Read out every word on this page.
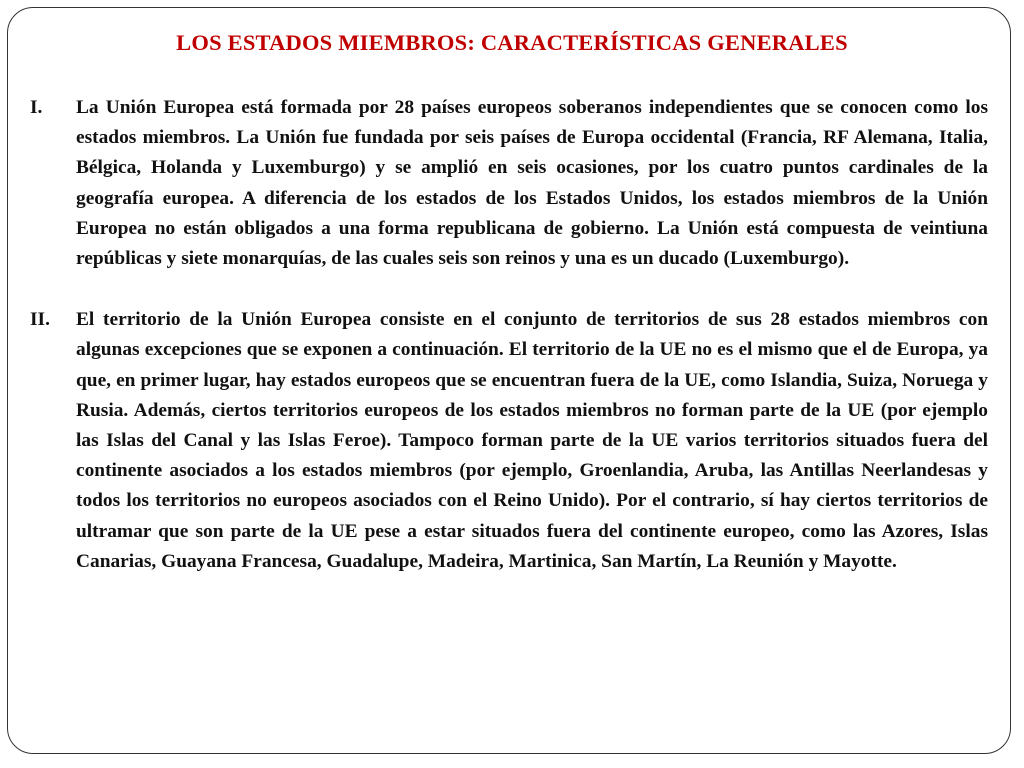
LOS ESTADOS MIEMBROS: CARACTERÍSTICAS GENERALES
I. La Unión Europea está formada por 28 países europeos soberanos independientes que se conocen como los estados miembros. La Unión fue fundada por seis países de Europa occidental (Francia, RF Alemana, Italia, Bélgica, Holanda y Luxemburgo) y se amplió en seis ocasiones, por los cuatro puntos cardinales de la geografía europea. A diferencia de los estados de los Estados Unidos, los estados miembros de la Unión Europea no están obligados a una forma republicana de gobierno. La Unión está compuesta de veintiuna repúblicas y siete monarquías, de las cuales seis son reinos y una es un ducado (Luxemburgo).
II. El territorio de la Unión Europea consiste en el conjunto de territorios de sus 28 estados miembros con algunas excepciones que se exponen a continuación. El territorio de la UE no es el mismo que el de Europa, ya que, en primer lugar, hay estados europeos que se encuentran fuera de la UE, como Islandia, Suiza, Noruega y Rusia. Además, ciertos territorios europeos de los estados miembros no forman parte de la UE (por ejemplo las Islas del Canal y las Islas Feroe). Tampoco forman parte de la UE varios territorios situados fuera del continente asociados a los estados miembros (por ejemplo, Groenlandia, Aruba, las Antillas Neerlandesas y todos los territorios no europeos asociados con el Reino Unido). Por el contrario, sí hay ciertos territorios de ultramar que son parte de la UE pese a estar situados fuera del continente europeo, como las Azores, Islas Canarias, Guayana Francesa, Guadalupe, Madeira, Martinica, San Martín, La Reunión y Mayotte.
